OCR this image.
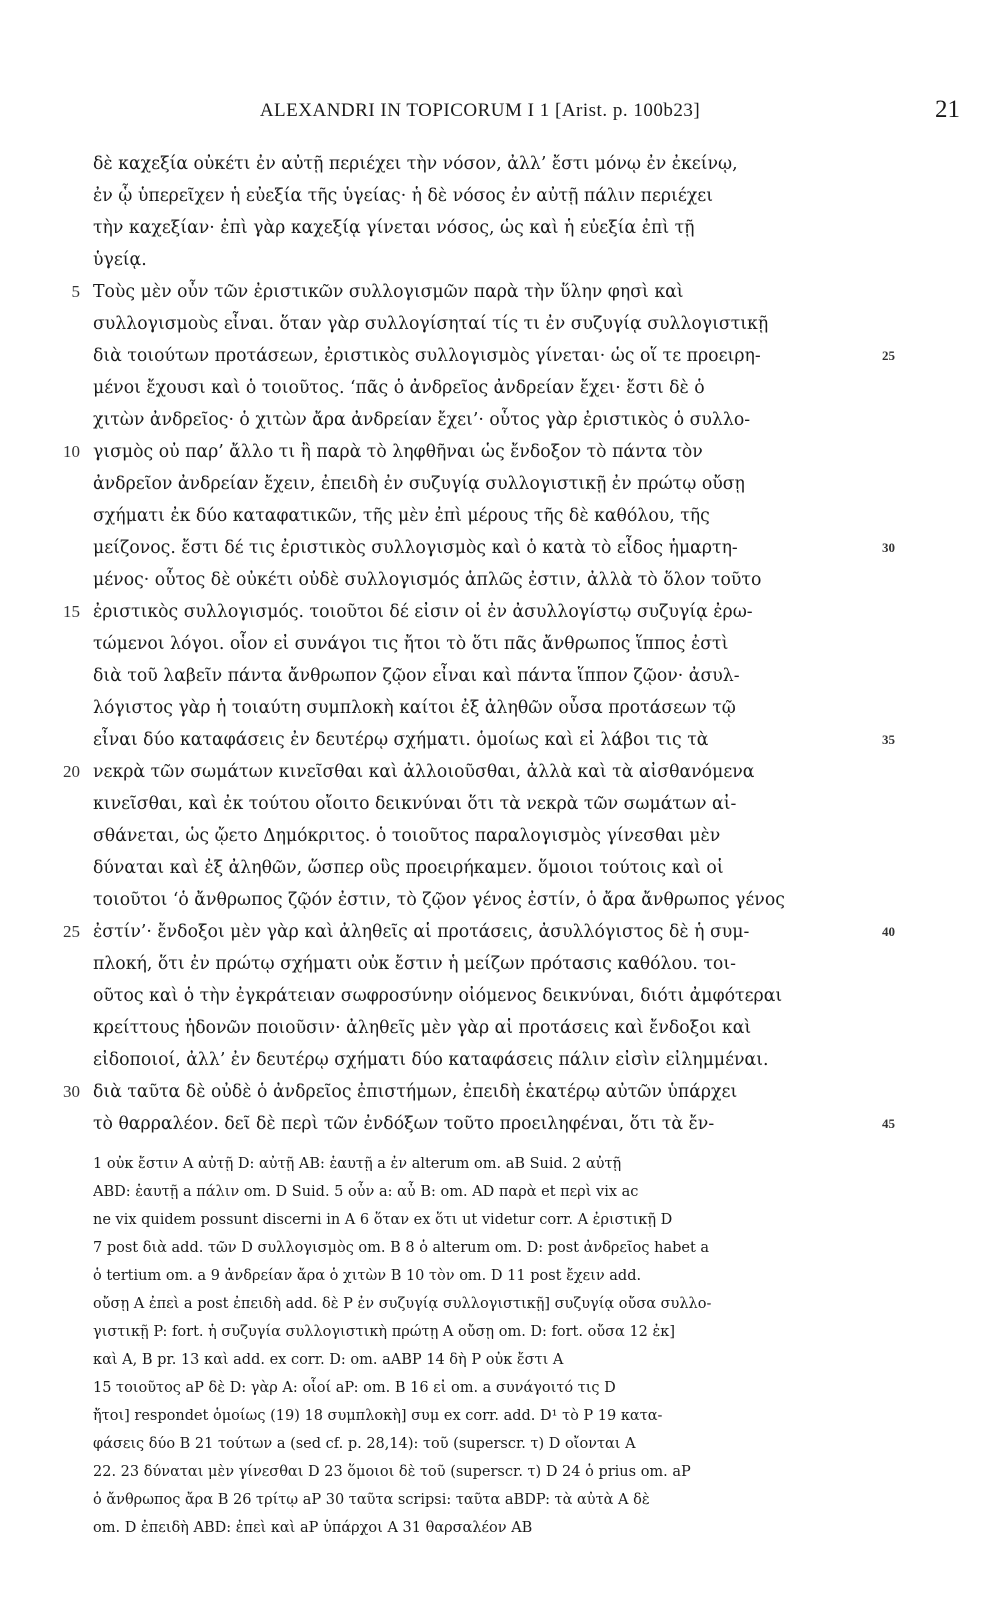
ALEXANDRI IN TOPICORUM I 1 [Arist. p. 100b23]	21
δὲ καχεξία οὐκέτι ἐν αὐτῇ περιέχει τὴν νόσον, ἀλλ’ ἔστι μόνῳ ἐν ἐκείνῳ,
ἐν ᾧ ὑπερεῖχεν ἡ εὐεξία τῆς ὑγείας· ἡ δὲ νόσος ἐν αὐτῇ πάλιν περιέχει
τὴν καχεξίαν· ἐπὶ γὰρ καχεξίᾳ γίνεται νόσος, ὡς καὶ ἡ εὐεξία ἐπὶ τῇ
ὑγείᾳ.
5 Τοὺς μὲν οὖν τῶν ἐριστικῶν συλλογισμῶν παρὰ τὴν ὕλην φησὶ καὶ
συλλογισμοὺς εἶναι. ὅταν γὰρ συλλογίσηταί τίς τι ἐν συζυγίᾳ συλλογιστικῇ
διὰ τοιούτων προτάσεων, ἐριστικὸς συλλογισμὸς γίνεται· ὡς οἵ τε προειρη-	25
μένοι ἔχουσι καὶ ὁ τοιοῦτος. ‘πᾶς ὁ ἀνδρεῖος ἀνδρείαν ἔχει· ἔστι δὲ ὁ
χιτὼν ἀνδρεῖος· ὁ χιτὼν ἄρα ἀνδρείαν ἔχει’· οὗτος γὰρ ἐριστικὸς ὁ συλλο-
10 γισμὸς οὐ παρ’ ἄλλο τι ἢ παρὰ τὸ ληφθῆναι ὡς ἔνδοξον τὸ πάντα τὸν
ἀνδρεῖον ἀνδρείαν ἔχειν, ἐπειδὴ ἐν συζυγίᾳ συλλογιστικῇ ἐν πρώτῳ οὔσῃ
σχήματι ἐκ δύο καταφατικῶν, τῆς μὲν ἐπὶ μέρους τῆς δὲ καθόλου, τῆς
μείζονος. ἔστι δέ τις ἐριστικὸς συλλογισμὸς καὶ ὁ κατὰ τὸ εἶδος ἡμαρτη-	30
μένος· οὗτος δὲ οὐκέτι οὐδὲ συλλογισμός ἁπλῶς ἐστιν, ἀλλὰ τὸ ὅλον τοῦτο
15 ἐριστικὸς συλλογισμός. τοιοῦτοι δέ εἰσιν οἱ ἐν ἀσυλλογίστῳ συζυγίᾳ ἐρω-
τώμενοι λόγοι. οἷον εἰ συνάγοι τις ἤτοι τὸ ὅτι πᾶς ἄνθρωπος ἵππος ἐστὶ
διὰ τοῦ λαβεῖν πάντα ἄνθρωπον ζῷον εἶναι καὶ πάντα ἵππον ζῷον· ἀσυλ-
λόγιστος γὰρ ἡ τοιαύτη συμπλοκὴ καίτοι ἐξ ἀληθῶν οὖσα προτάσεων τῷ
εἶναι δύο καταφάσεις ἐν δευτέρῳ σχήματι. ὁμοίως καὶ εἰ λάβοι τις τὰ	35
20 νεκρὰ τῶν σωμάτων κινεῖσθαι καὶ ἀλλοιοῦσθαι, ἀλλὰ καὶ τὰ αἰσθανόμενα
κινεῖσθαι, καὶ ἐκ τούτου οἴοιτο δεικνύναι ὅτι τὰ νεκρὰ τῶν σωμάτων αἰ-
σθάνεται, ὡς ᾤετο Δημόκριτος. ὁ τοιοῦτος παραλογισμὸς γίνεσθαι μὲν
δύναται καὶ ἐξ ἀληθῶν, ὥσπερ οὓς προειρήκαμεν. ὅμοιοι τούτοις καὶ οἱ
τοιοῦτοι ‘ὁ ἄνθρωπος ζῷόν ἐστιν, τὸ ζῷον γένος ἐστίν, ὁ ἄρα ἄνθρωπος γένος
25 ἐστίν’· ἔνδοξοι μὲν γὰρ καὶ ἀληθεῖς αἱ προτάσεις, ἀσυλλόγιστος δὲ ἡ συμ-	40
πλοκή, ὅτι ἐν πρώτῳ σχήματι οὐκ ἔστιν ἡ μείζων πρότασις καθόλου. τοι-
οῦτος καὶ ὁ τὴν ἐγκράτειαν σωφροσύνην οἰόμενος δεικνύναι, διότι ἀμφότεραι
κρείττους ἡδονῶν ποιοῦσιν· ἀληθεῖς μὲν γὰρ αἱ προτάσεις καὶ ἔνδοξοι καὶ
εἰδοποιοί, ἀλλ’ ἐν δευτέρῳ σχήματι δύο καταφάσεις πάλιν εἰσὶν εἰλημμέναι.
30 διὰ ταῦτα δὲ οὐδὲ ὁ ἀνδρεῖος ἐπιστήμων, ἐπειδὴ ἑκατέρῳ αὐτῶν ὑπάρχει
τὸ θαρραλέον. δεῖ δὲ περὶ τῶν ἐνδόξων τοῦτο προειληφέναι, ὅτι τὰ ἔν-	45
1 οὐκ ἔστιν A αὐτῇ D: αὐτῇ AB: ἑαυτῇ a ἐν alterum om. aB Suid. 2 αὐτῇ
ABD: ἑαυτῇ a πάλιν om. D Suid. 5 οὖν a: αὖ B: om. AD παρὰ et περὶ vix ac
ne vix quidem possunt discerni in A 6 ὅταν ex ὅτι ut videtur corr. A ἐριστικῇ D
7 post διὰ add. τῶν D συλλογισμὸς om. B 8 ὁ alterum om. D: post ἀνδρεῖος habet a
ὁ tertium om. a 9 ἀνδρείαν ἄρα ὁ χιτὼν B 10 τὸν om. D 11 post ἔχειν add.
οὔσῃ A ἐπεὶ a post ἐπειδὴ add. δὲ P ἐν συζυγίᾳ συλλογιστικῇ] συζυγίᾳ οὔσα συλλο-
γιστικῇ P: fort. ἡ συζυγία συλλογιστικὴ πρώτῃ A οὔσῃ om. D: fort. οὔσα 12 ἐκ]
καὶ A, B pr. 13 καὶ add. ex corr. D: om. aABP 14 δὴ P οὐκ ἔστι A
15 τοιοῦτος aP δὲ D: γὰρ A: οἷοί aP: om. B 16 εἰ om. a συνάγοιτό τις D
ἤτοι] respondet ὁμοίως (19) 18 συμπλοκὴ] συμ ex corr. add. D¹ τὸ P 19 κατα-
φάσεις δύο B 21 τούτων a (sed cf. p. 28,14): τοῦ (superscr. τ) D οἴονται A
22. 23 δύναται μὲν γίνεσθαι D 23 ὅμοιοι δὲ τοῦ (superscr. τ) D 24 ὁ prius om. aP
ὁ ἄνθρωπος ἄρα B 26 τρίτῳ aP 30 ταῦτα scripsi: ταῦτα aBDP: τὰ αὐτὰ A δὲ
om. D ἐπειδὴ ABD: ἐπεὶ καὶ aP ὑπάρχοι A 31 θαρσαλέον AB
